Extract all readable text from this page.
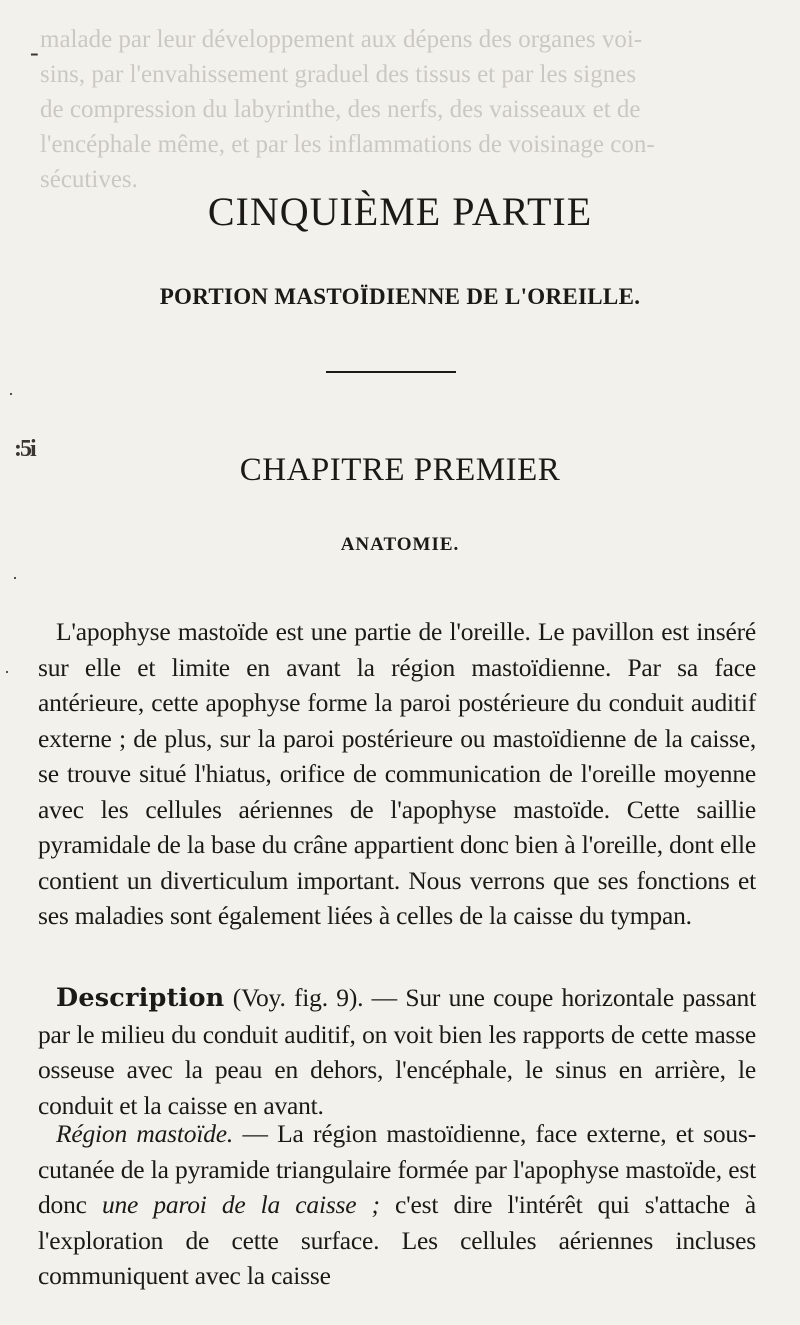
malade par leur développement aux dépens des organes voi-

sins, par l'envahissement graduel des tissus et par les signes

de compression du labyrinthe, des nerfs, des vaisseaux et de

l'encéphale même, et par les inflammations de voisinage con-

sécutives.

:5i
·
·
·
-
CINQUIÈME PARTIE
PORTION MASTOÏDIENNE DE L'OREILLE.
CHAPITRE PREMIER
ANATOMIE.

L'apophyse mastoïde est une partie de l'oreille. Le pavillon est inséré sur elle et limite en avant la région mastoïdienne. Par sa face antérieure, cette apophyse forme la paroi postérieure du conduit auditif externe ; de plus, sur la paroi postérieure ou mastoïdienne de la caisse, se trouve situé l'hiatus, orifice de communication de l'oreille moyenne avec les cellules aériennes de l'apophyse mastoïde. Cette saillie pyramidale de la base du crâne appartient donc bien à l'oreille, dont elle contient un diverticulum important. Nous verrons que ses fonctions et ses maladies sont également liées à celles de la caisse du tympan.

Description (Voy. fig. 9). — Sur une coupe horizontale passant par le milieu du conduit auditif, on voit bien les rapports de cette masse osseuse avec la peau en dehors, l'encéphale, le sinus en arrière, le conduit et la caisse en avant.

Région mastoïde. — La région mastoïdienne, face externe, et sous-cutanée de la pyramide triangulaire formée par l'apophyse mastoïde, est donc une paroi de la caisse ; c'est dire l'intérêt qui s'attache à l'exploration de cette surface. Les cellules aériennes incluses communiquent avec la caisse
